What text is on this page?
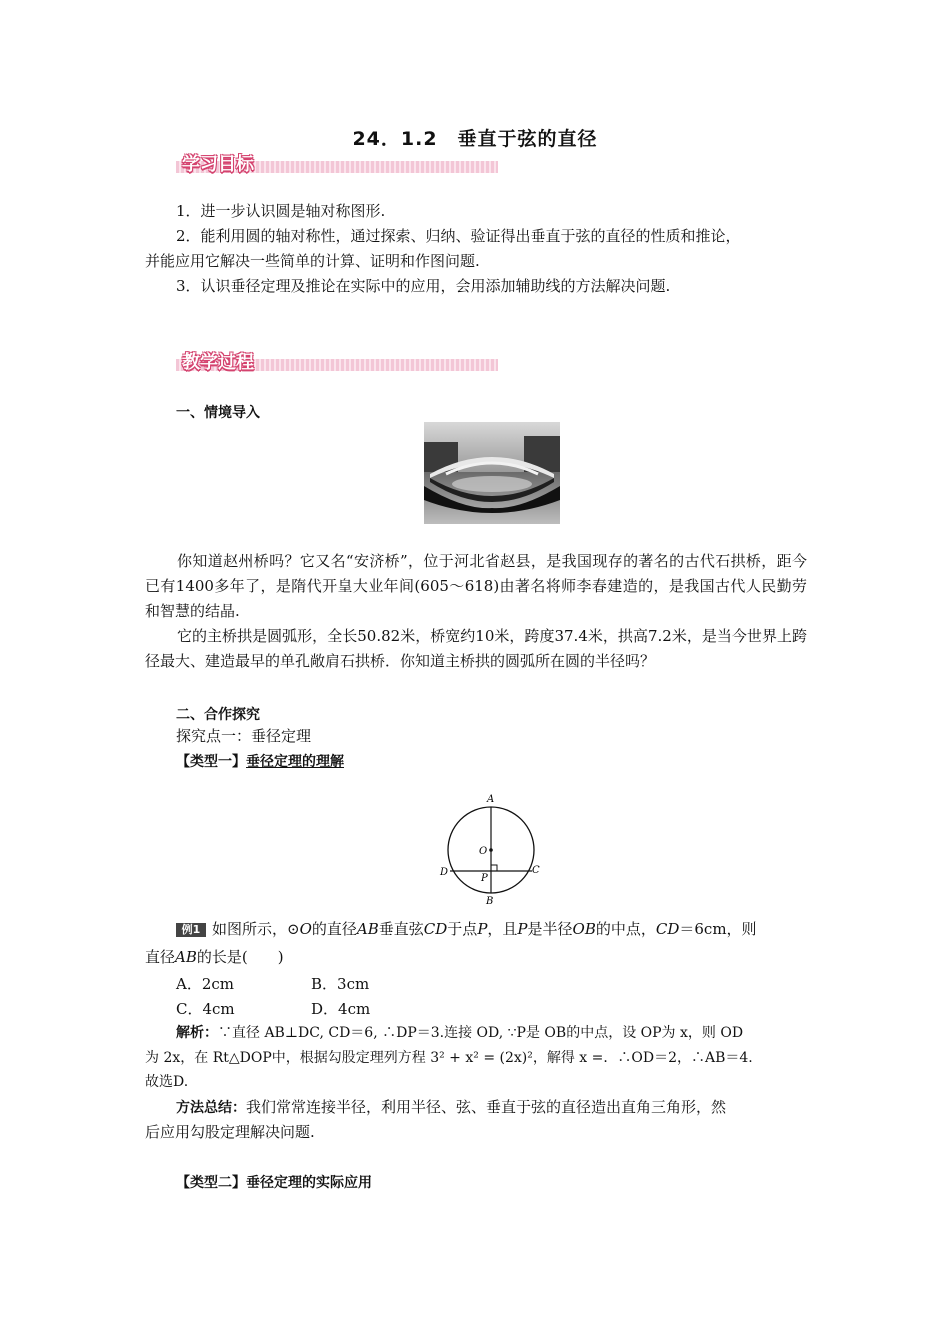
24．1.2　垂直于弦的直径
学习目标
1．进一步认识圆是轴对称图形.
2．能利用圆的轴对称性，通过探索、归纳、验证得出垂直于弦的直径的性质和推论，
并能应用它解决一些简单的计算、证明和作图问题.
3．认识垂径定理及推论在实际中的应用，会用添加辅助线的方法解决问题.
教学过程
一、情境导入
你知道赵州桥吗？它又名“安济桥”，位于河北省赵县，是我国现存的著名的古代石拱桥，距今已有1400多年了，是隋代开皇大业年间(605～618)由著名将师李春建造的，是我国古代人民勤劳和智慧的结晶.
它的主桥拱是圆弧形，全长50.82米，桥宽约10米，跨度37.4米，拱高7.2米，是当今世界上跨径最大、建造最早的单孔敞肩石拱桥．你知道主桥拱的圆弧所在圆的半径吗？
二、合作探究
探究点一：垂径定理
【类型一】垂径定理的理解
A
O
D	C
P
B
例1 如图所示，⊙O的直径AB垂直弦CD于点P，且P是半径OB的中点，CD＝6cm，则
直径AB的长是(　　)
A．2cm	B．3cm
C．4cm	D．4cm
解析：∵直径 AB⊥DC, CD＝6, ∴DP＝3.连接 OD, ∵P是 OB的中点，设 OP为 x，则 OD
为 2x，在 Rt△DOP中，根据勾股定理列方程 3² + x² = (2x)²，解得 x =．∴OD＝2，∴AB＝4.
故选D.
方法总结：我们常常连接半径，利用半径、弦、垂直于弦的直径造出直角三角形，然
后应用勾股定理解决问题.
【类型二】垂径定理的实际应用
